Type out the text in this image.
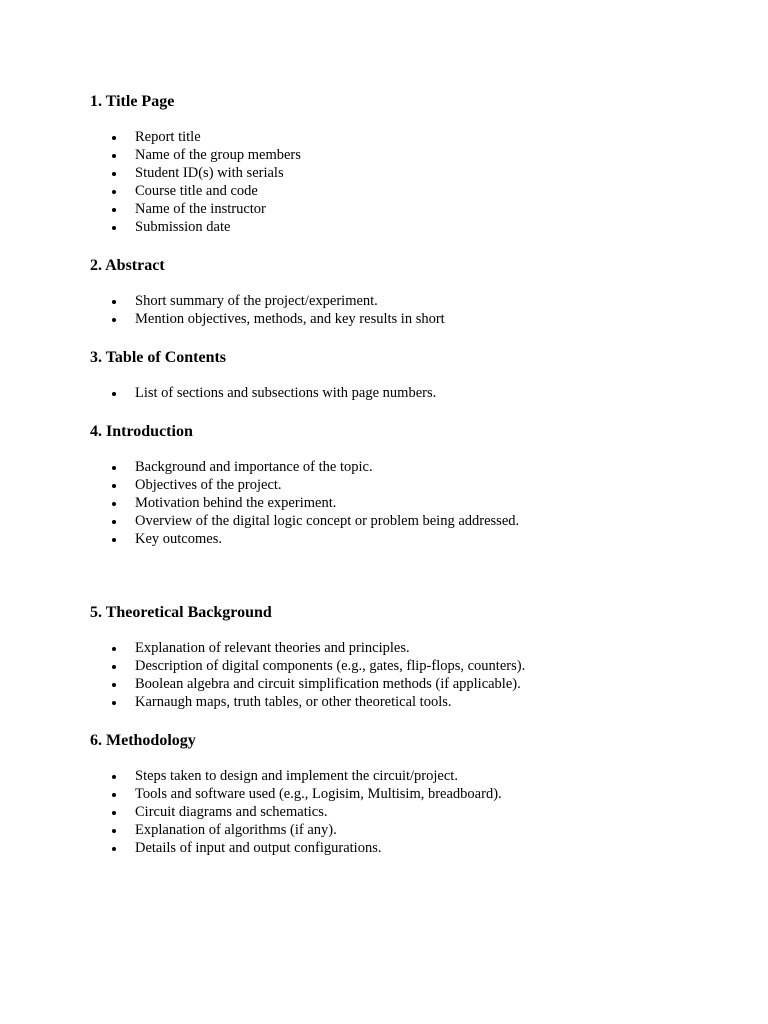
1. Title Page
Report title
Name of the group members
Student ID(s) with serials
Course title and code
Name of the instructor
Submission date
2. Abstract
Short summary of the project/experiment.
Mention objectives, methods, and key results in short
3. Table of Contents
List of sections and subsections with page numbers.
4. Introduction
Background and importance of the topic.
Objectives of the project.
Motivation behind the experiment.
Overview of the digital logic concept or problem being addressed.
Key outcomes.
5. Theoretical Background
Explanation of relevant theories and principles.
Description of digital components (e.g., gates, flip-flops, counters).
Boolean algebra and circuit simplification methods (if applicable).
Karnaugh maps, truth tables, or other theoretical tools.
6. Methodology
Steps taken to design and implement the circuit/project.
Tools and software used (e.g., Logisim, Multisim, breadboard).
Circuit diagrams and schematics.
Explanation of algorithms (if any).
Details of input and output configurations.
